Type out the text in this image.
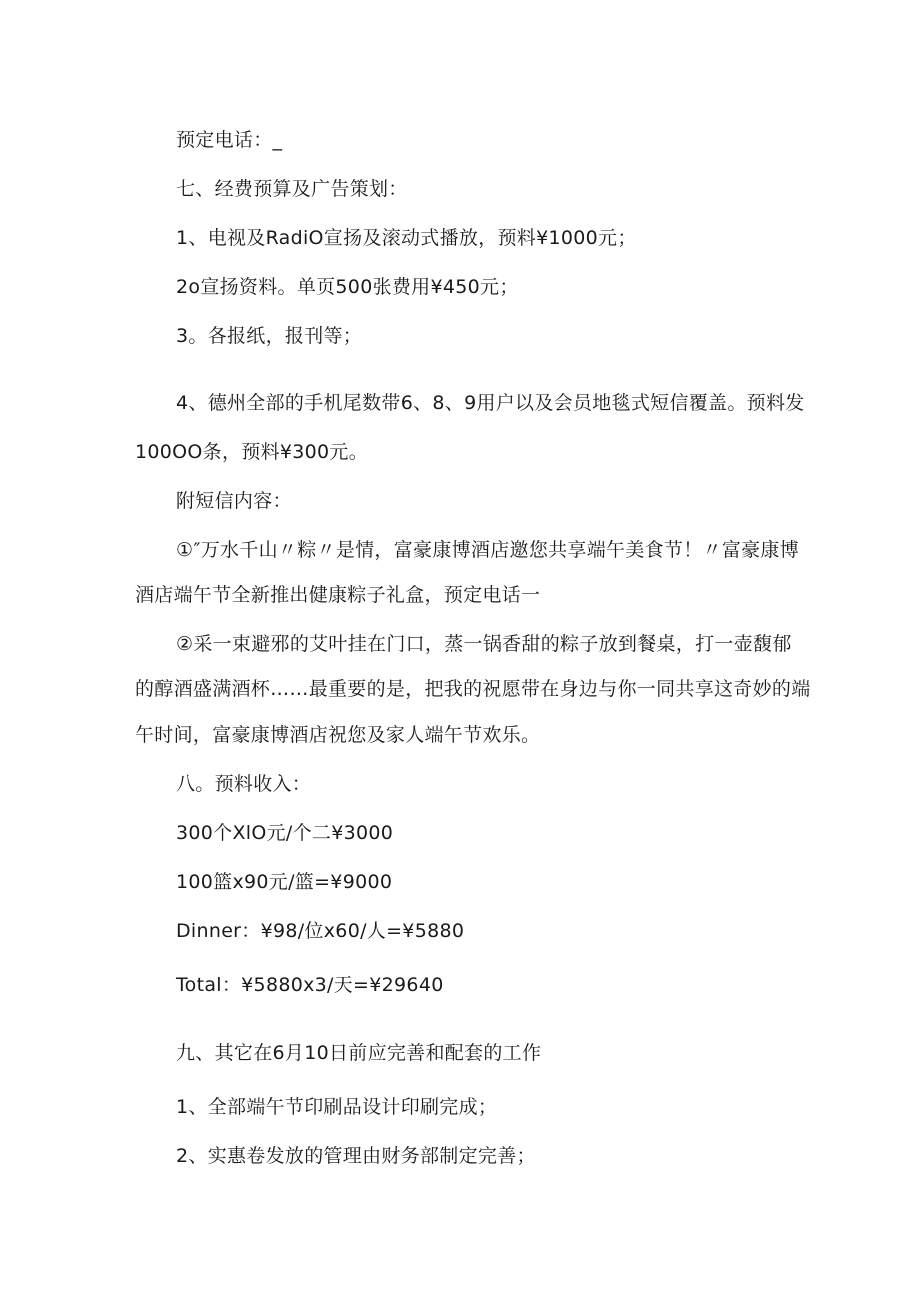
预定电话：_
七、经费预算及广告策划：
1、电视及RadiO宣扬及滚动式播放，预料¥1000元；
2o宣扬资料。单页500张费用¥450元；
3。各报纸，报刊等；
4、德州全部的手机尾数带6、8、9用户以及会员地毯式短信覆盖。预料发
100OO条，预料¥300元。
附短信内容：
①″万水千山〃粽〃是情，富豪康博酒店邀您共享端午美食节！〃富豪康博
酒店端午节全新推出健康粽子礼盒，预定电话一
②采一束避邪的艾叶挂在门口，蒸一锅香甜的粽子放到餐桌，打一壶馥郁
的醇酒盛满酒杯……最重要的是，把我的祝愿带在身边与你一同共享这奇妙的端
午时间，富豪康博酒店祝您及家人端午节欢乐。
八。预料收入：
300个XlO元/个二¥3000
100篮x90元/篮=¥9000
Dinner：¥98/位x60/人=¥5880
Total：¥5880x3/天=¥29640
九、其它在6月10日前应完善和配套的工作
1、全部端午节印刷品设计印刷完成；
2、实惠卷发放的管理由财务部制定完善；
